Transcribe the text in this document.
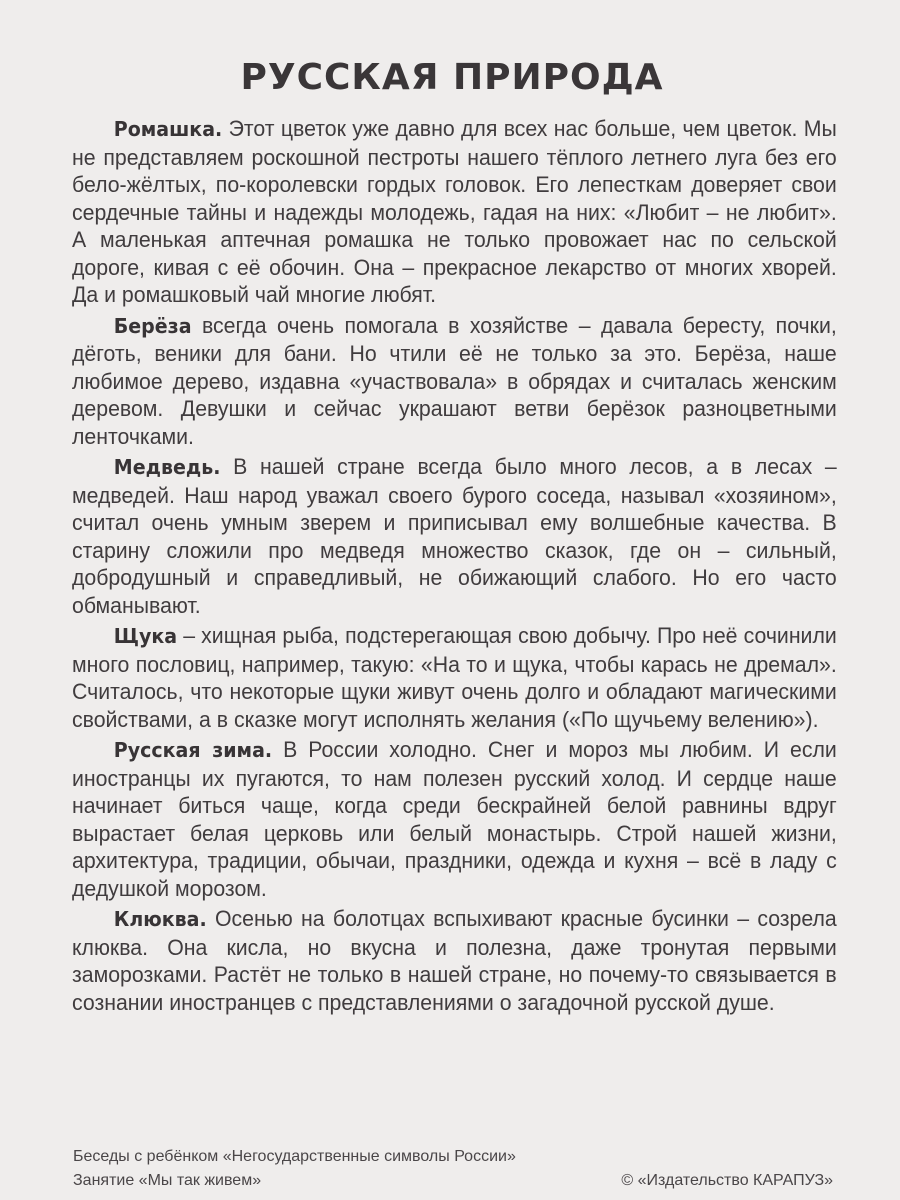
РУССКАЯ ПРИРОДА

Ромашка. Этот цветок уже давно для всех нас больше, чем цветок. Мы не представляем роскошной пестроты нашего тёплого летнего луга без его бело-жёлтых, по-королевски гордых головок. Его лепесткам доверяет свои сердечные тайны и надежды молодежь, гадая на них: «Любит – не любит». А маленькая аптечная ромашка не только провожает нас по сельской дороге, кивая с её обочин. Она – прекрасное лекарство от многих хворей. Да и ромашковый чай многие любят.

Берёза всегда очень помогала в хозяйстве – давала бересту, почки, дёготь, веники для бани. Но чтили её не только за это. Берёза, наше любимое дерево, издавна «участвовала» в обрядах и считалась женским деревом. Девушки и сейчас украшают ветви берёзок разноцветными ленточками.

Медведь. В нашей стране всегда было много лесов, а в лесах – медведей. Наш народ уважал своего бурого соседа, называл «хозяином», считал очень умным зверем и приписывал ему волшебные качества. В старину сложили про медведя множество сказок, где он – сильный, добродушный и справедливый, не обижающий слабого. Но его часто обманывают.

Щука – хищная рыба, подстерегающая свою добычу. Про неё сочинили много пословиц, например, такую: «На то и щука, чтобы карась не дремал». Считалось, что некоторые щуки живут очень долго и обладают магическими свойствами, а в сказке могут исполнять желания («По щучьему велению»).

Русская зима. В России холодно. Снег и мороз мы любим. И если иностранцы их пугаются, то нам полезен русский холод. И сердце наше начинает биться чаще, когда среди бескрайней белой равнины вдруг вырастает белая церковь или белый монастырь. Строй нашей жизни, архитектура, традиции, обычаи, праздники, одежда и кухня – всё в ладу с дедушкой морозом.

Клюква. Осенью на болотцах вспыхивают красные бусинки – созрела клюква. Она кисла, но вкусна и полезна, даже тронутая первыми заморозками. Растёт не только в нашей стране, но почему-то связывается в сознании иностранцев с представлениями о загадочной русской душе.

Беседы с ребёнком «Негосударственные символы России»
Занятие «Мы так живем»	© «Издательство КАРАПУЗ»
